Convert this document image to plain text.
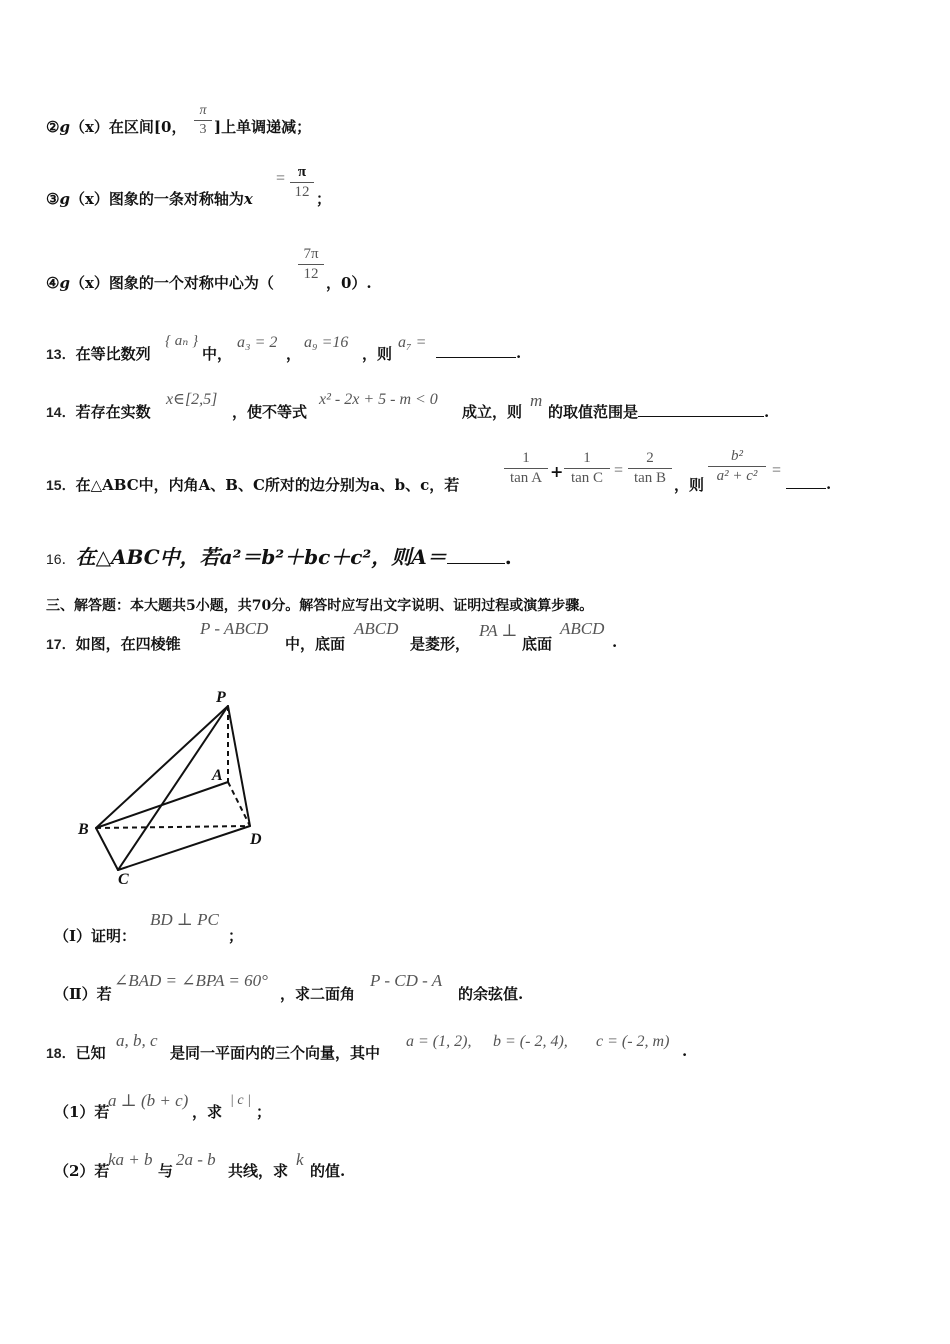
②g（x）在区间[0，
π
3 ]上单调递减；
③g（x）图象的一条对称轴为x
= π
12 ；
④g（x）图象的一个对称中心为（
7π
12 ，0）.
13．在等比数列
{ aₙ }
中，
a₃ = 2
，
a₉ =16
，则
a₇ =
.
14．若存在实数
x∈[2,5]
，使不等式
x² - 2x + 5 - m < 0
成立，则
m
的取值范围是	.
15．在△ABC中，内角A、B、C所对的边分别为a、b、c，若
1
tan A +
1
tan C =
2
tan B ，则
b²
a² + c² =
.
16．在△ABC中，若a²＝b²＋bc＋c²，则A＝	.
三、解答题：本大题共5小题，共70分。解答时应写出文字说明、证明过程或演算步骤。
17．如图，在四棱锥
P - ABCD
中，底面
ABCD
是菱形，
PA ⊥
底面
ABCD
.
P
A
B
D
C
（Ⅰ）证明：
BD ⊥ PC
；
（Ⅱ）若
∠BAD = ∠BPA = 60°
，求二面角
P - CD - A
的余弦值.
18．已知
a, b, c
是同一平面内的三个向量，其中
a = (1, 2), b = (- 2, 4), c = (- 2, m)
.
（1）若
a ⊥ (b + c)
，求
| c |
；
（2）若
ka + b
与
2a - b
共线，求
k
的值.
